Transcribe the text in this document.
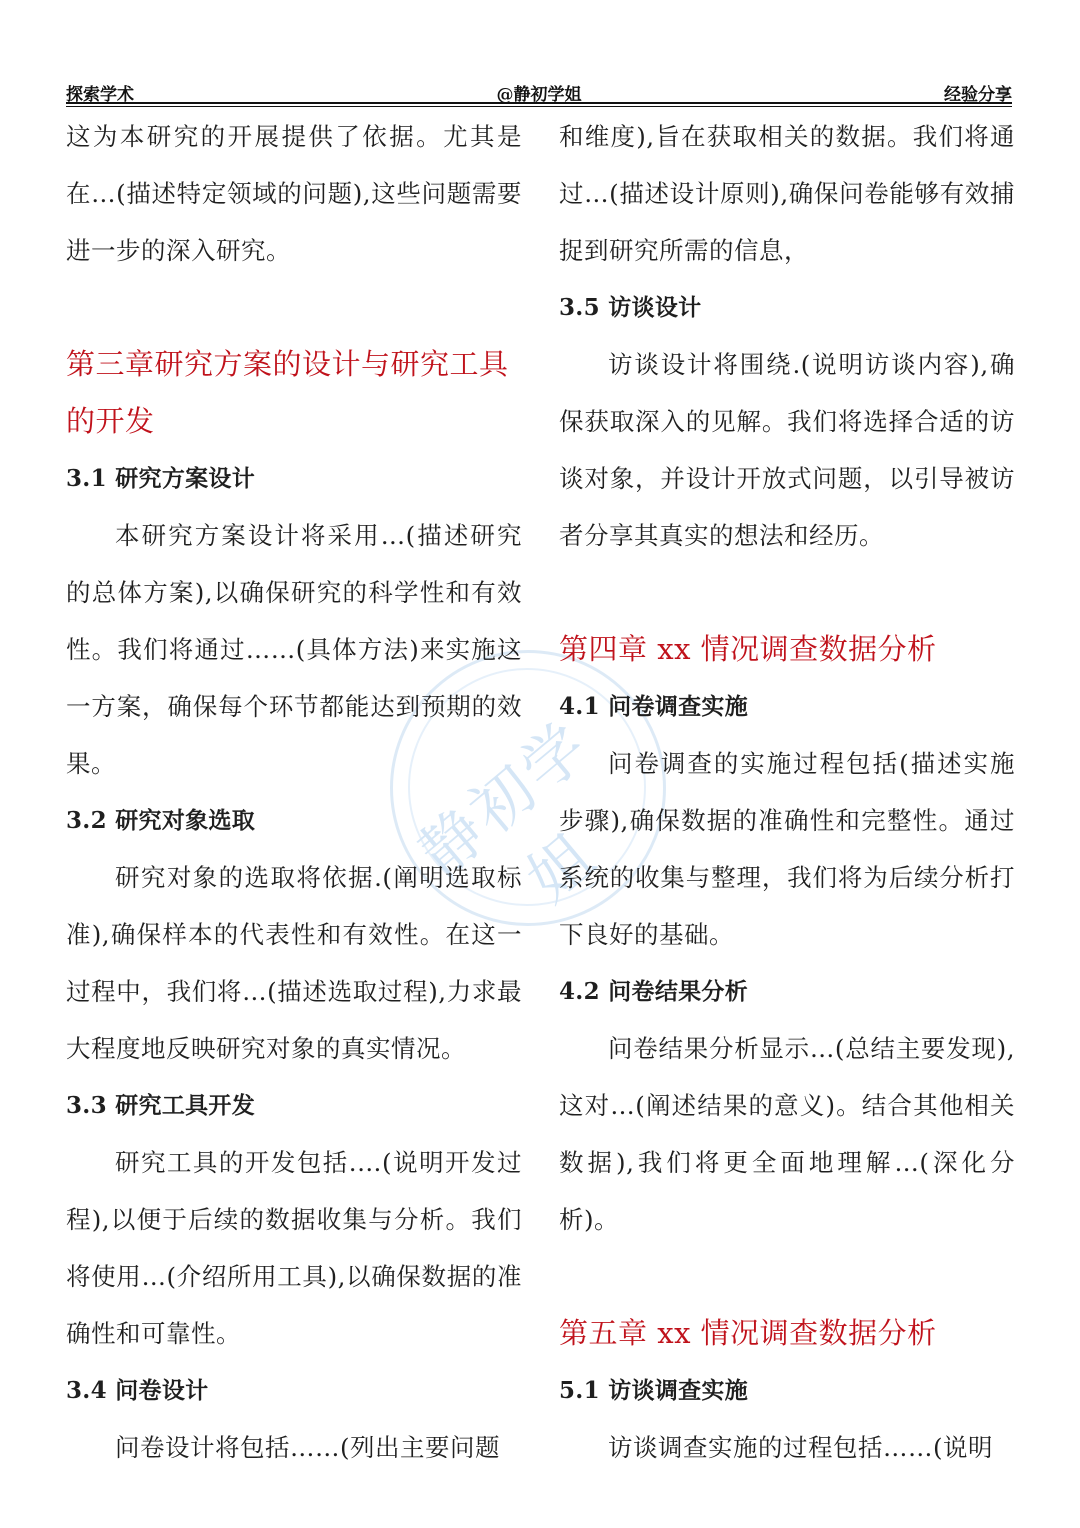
探索学术	@静初学姐	经验分享
静初学姐

这为本研究的开展提供了依据。尤其是在…(描述特定领域的问题),这些问题需要进一步的深入研究。

第三章研究方案的设计与研究工具的开发

3.1 研究方案设计

本研究方案设计将采用…(描述研究的总体方案),以确保研究的科学性和有效性。我们将通过……(具体方法)来实施这一方案，确保每个环节都能达到预期的效果。

3.2 研究对象选取

研究对象的选取将依据.(阐明选取标准),确保样本的代表性和有效性。在这一过程中，我们将…(描述选取过程),力求最大程度地反映研究对象的真实情况。

3.3 研究工具开发

研究工具的开发包括.…(说明开发过程),以便于后续的数据收集与分析。我们将使用…(介绍所用工具),以确保数据的准确性和可靠性。

3.4 问卷设计

问卷设计将包括……(列出主要问题

和维度),旨在获取相关的数据。我们将通过…(描述设计原则),确保问卷能够有效捕捉到研究所需的信息，

3.5 访谈设计

访谈设计将围绕.(说明访谈内容),确保获取深入的见解。我们将选择合适的访谈对象，并设计开放式问题，以引导被访者分享其真实的想法和经历。

第四章 xx 情况调查数据分析

4.1 问卷调查实施

问卷调查的实施过程包括(描述实施步骤),确保数据的准确性和完整性。通过系统的收集与整理，我们将为后续分析打下良好的基础。

4.2 问卷结果分析

问卷结果分析显示…(总结主要发现),这对…(阐述结果的意义)。结合其他相关数据),我们将更全面地理解…(深化分析)。

第五章 xx 情况调查数据分析

5.1 访谈调查实施

访谈调查实施的过程包括……(说明
